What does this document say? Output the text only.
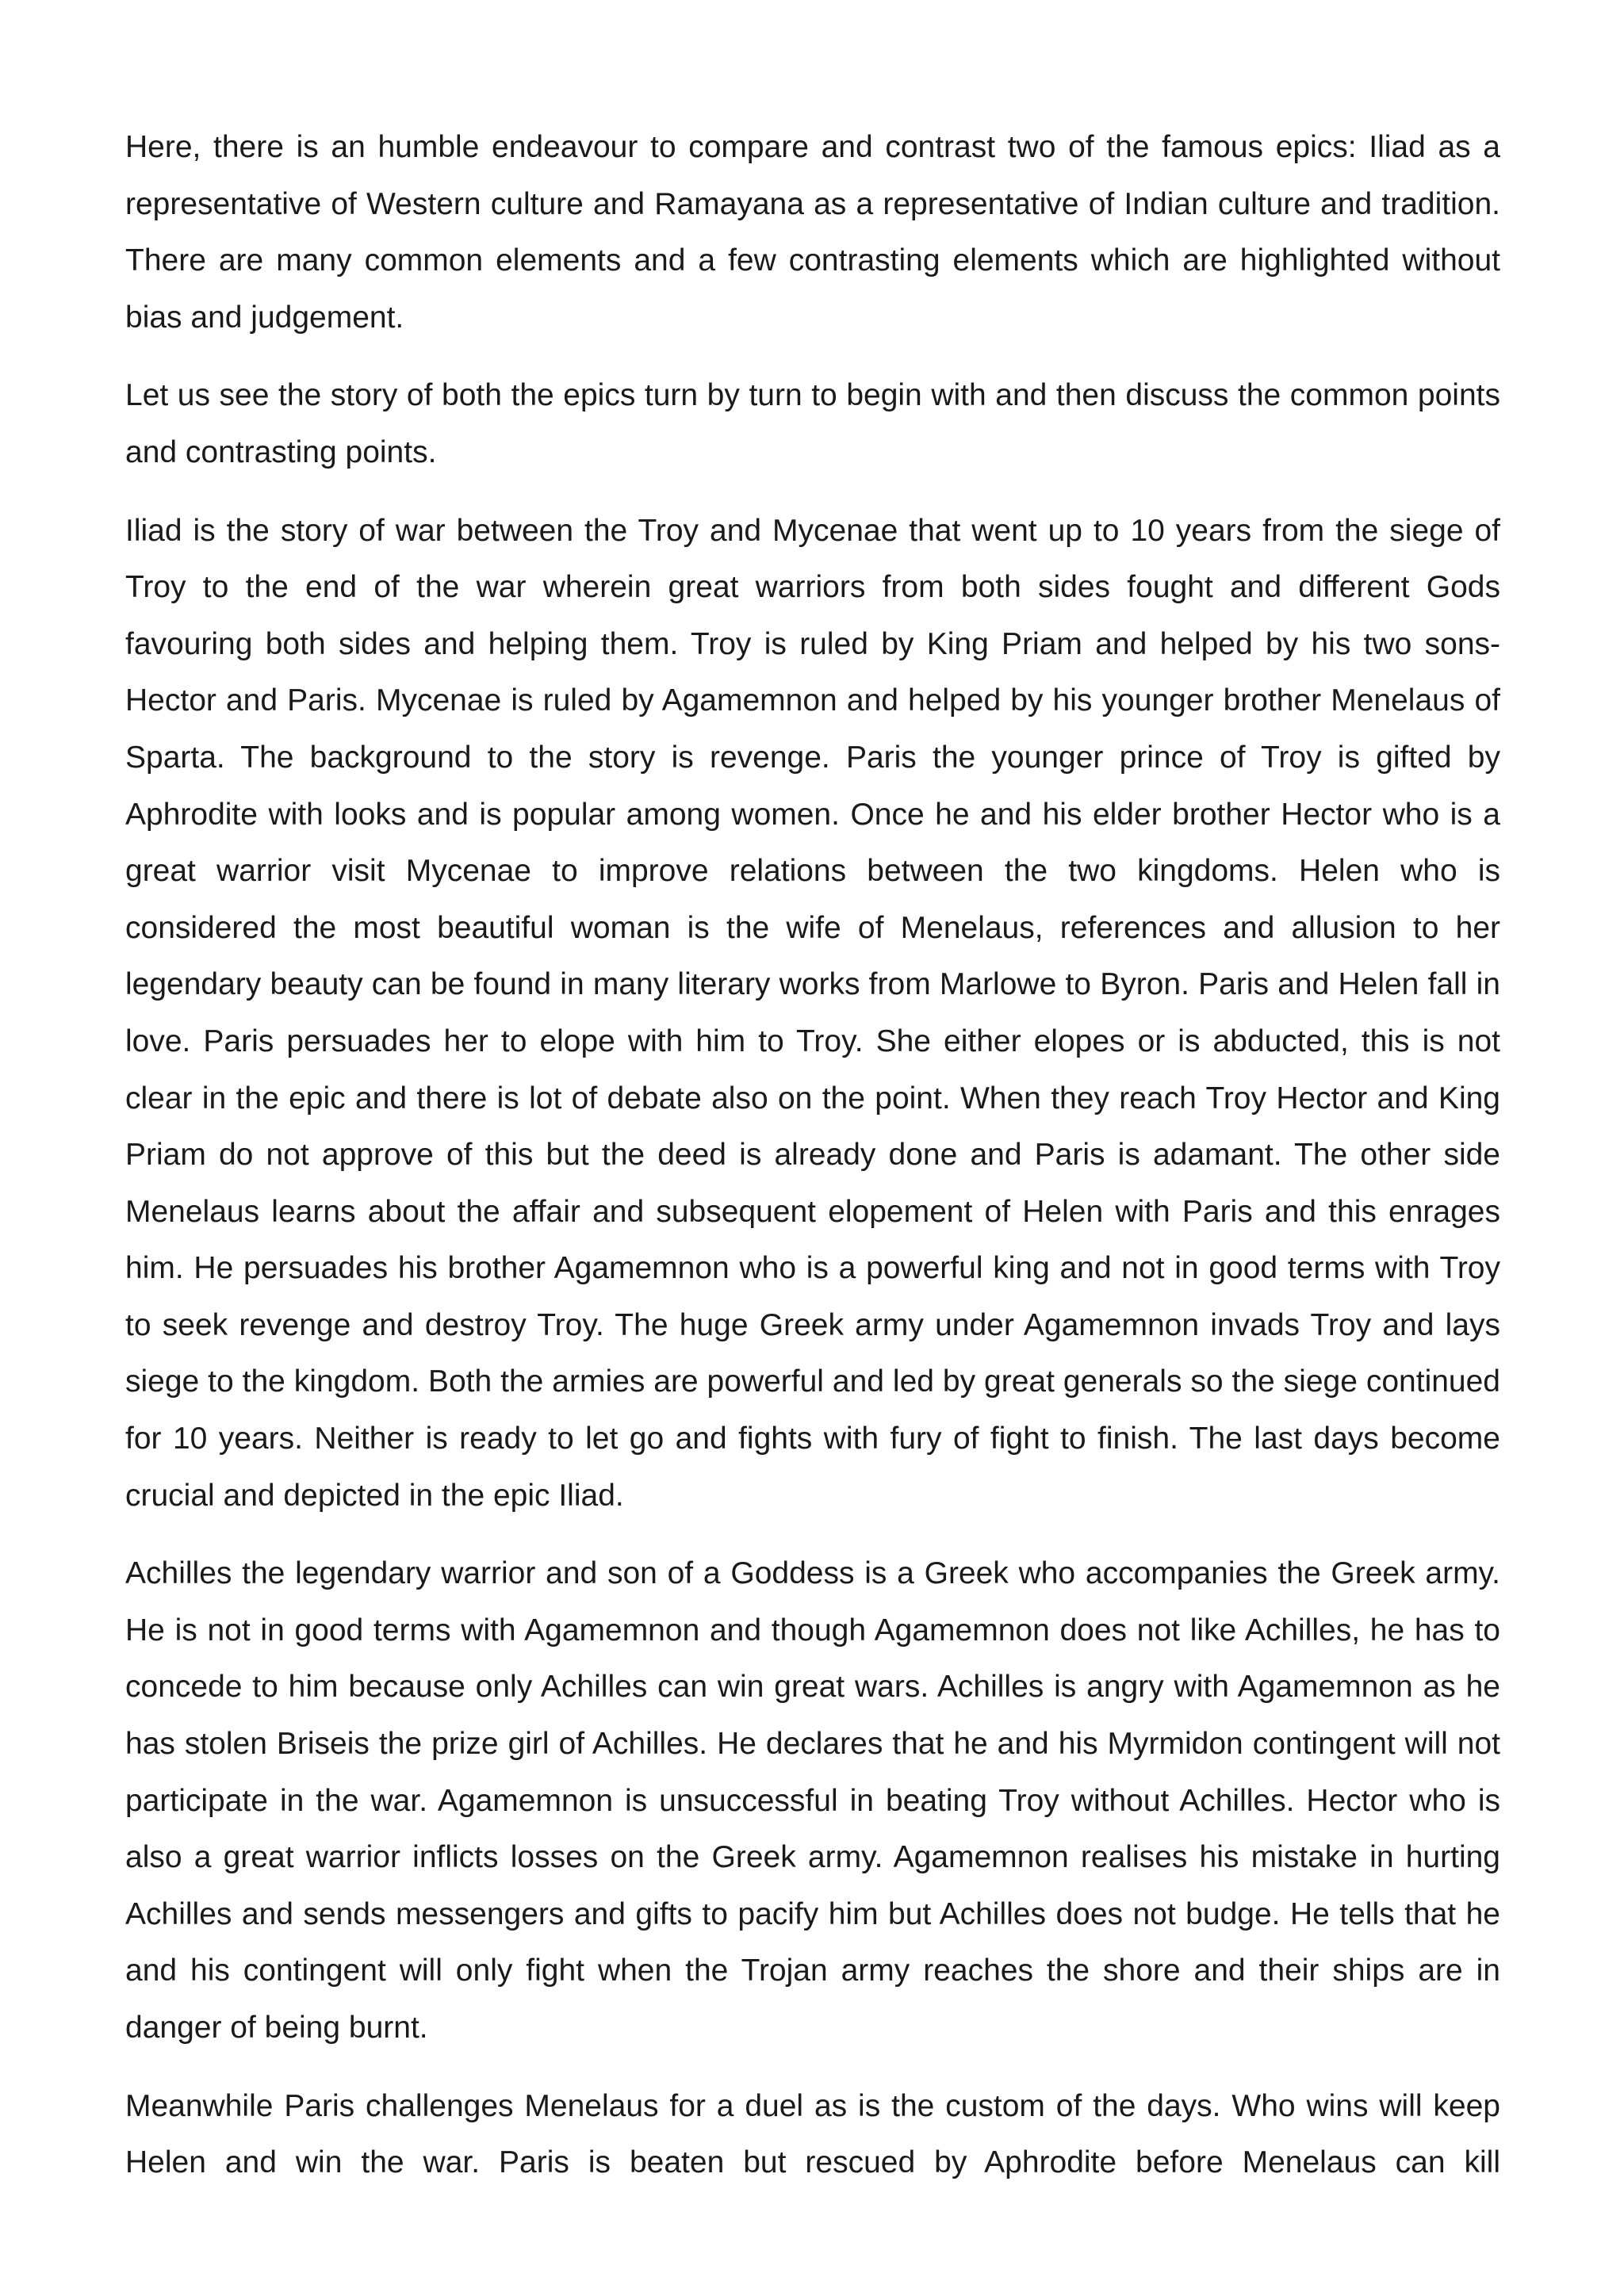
Here, there is an humble endeavour to compare and contrast two of the famous epics: Iliad as a representative of Western culture and Ramayana as a representative of Indian culture and tradition. There are many common elements and a few contrasting elements which are highlighted without bias and judgement.

Let us see the story of both the epics turn by turn to begin with and then discuss the common points and contrasting points.

Iliad is the story of war between the Troy and Mycenae that went up to 10 years from the siege of Troy to the end of the war wherein great warriors from both sides fought and different Gods favouring both sides and helping them. Troy is ruled by King Priam and helped by his two sons- Hector and Paris. Mycenae is ruled by Agamemnon and helped by his younger brother Menelaus of Sparta. The background to the story is revenge. Paris the younger prince of Troy is gifted by Aphrodite with looks and is popular among women. Once he and his elder brother Hector who is a great warrior visit Mycenae to improve relations between the two kingdoms. Helen who is considered the most beautiful woman is the wife of Menelaus, references and allusion to her legendary beauty can be found in many literary works from Marlowe to Byron. Paris and Helen fall in love. Paris persuades her to elope with him to Troy. She either elopes or is abducted, this is not clear in the epic and there is lot of debate also on the point. When they reach Troy Hector and King Priam do not approve of this but the deed is already done and Paris is adamant. The other side Menelaus learns about the affair and subsequent elopement of Helen with Paris and this enrages him. He persuades his brother Agamemnon who is a powerful king and not in good terms with Troy to seek revenge and destroy Troy. The huge Greek army under Agamemnon invads Troy and lays siege to the kingdom. Both the armies are powerful and led by great generals so the siege continued for 10 years. Neither is ready to let go and fights with fury of fight to finish. The last days become crucial and depicted in the epic Iliad.

Achilles the legendary warrior and son of a Goddess is a Greek who accompanies the Greek army. He is not in good terms with Agamemnon and though Agamemnon does not like Achilles, he has to concede to him because only Achilles can win great wars. Achilles is angry with Agamemnon as he has stolen Briseis the prize girl of Achilles. He declares that he and his Myrmidon contingent will not participate in the war. Agamemnon is unsuccessful in beating Troy without Achilles. Hector who is also a great warrior inflicts losses on the Greek army. Agamemnon realises his mistake in hurting Achilles and sends messengers and gifts to pacify him but Achilles does not budge. He tells that he and his contingent will only fight when the Trojan army reaches the shore and their ships are in danger of being burnt.

Meanwhile Paris challenges Menelaus for a duel as is the custom of the days. Who wins will keep Helen and win the war. Paris is beaten but rescued by Aphrodite before Menelaus can kill
